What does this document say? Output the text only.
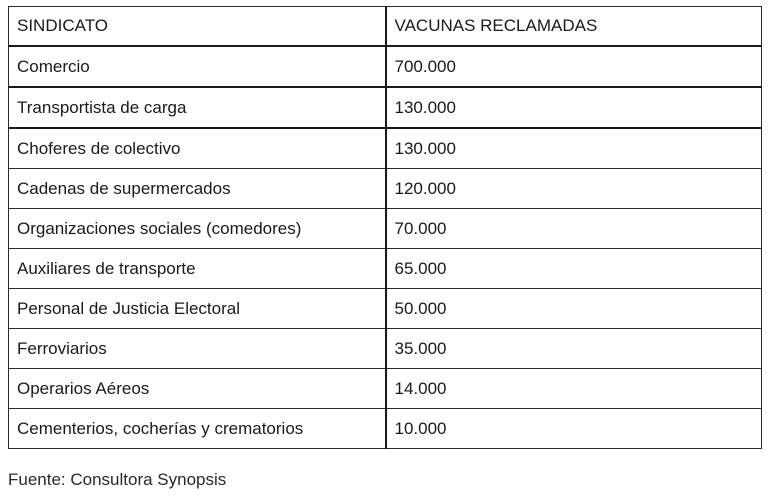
SINDICATO	VACUNAS RECLAMADAS
Comercio	700.000
Transportista de carga	130.000
Choferes de colectivo	130.000
Cadenas de supermercados	120.000
Organizaciones sociales (comedores)	70.000
Auxiliares de transporte	65.000
Personal de Justicia Electoral	50.000
Ferroviarios	35.000
Operarios Aéreos	14.000
Cementerios, cocherías y crematorios	10.000
Fuente: Consultora Synopsis
